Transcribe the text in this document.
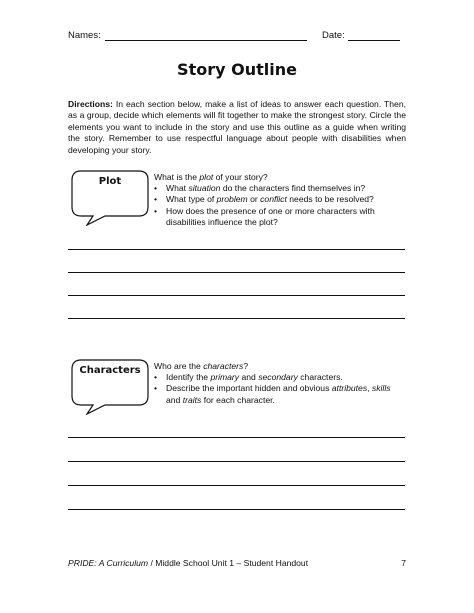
Names:	Date:
Story Outline
Directions: In each section below, make a list of ideas to answer each question. Then, as a group, decide which elements will fit together to make the strongest story. Circle the elements you want to include in the story and use this outline as a guide when writing the story. Remember to use respectful language about people with disabilities when developing your story.
Plot	What is the plot of your story?
• What situation do the characters find themselves in?
• What type of problem or conflict needs to be resolved?
• How does the presence of one or more characters with disabilities influence the plot?
Characters	Who are the characters?
• Identify the primary and secondary characters.
• Describe the important hidden and obvious attributes, skills and traits for each character.
PRIDE: A Curriculum / Middle School Unit 1 – Student Handout	7
